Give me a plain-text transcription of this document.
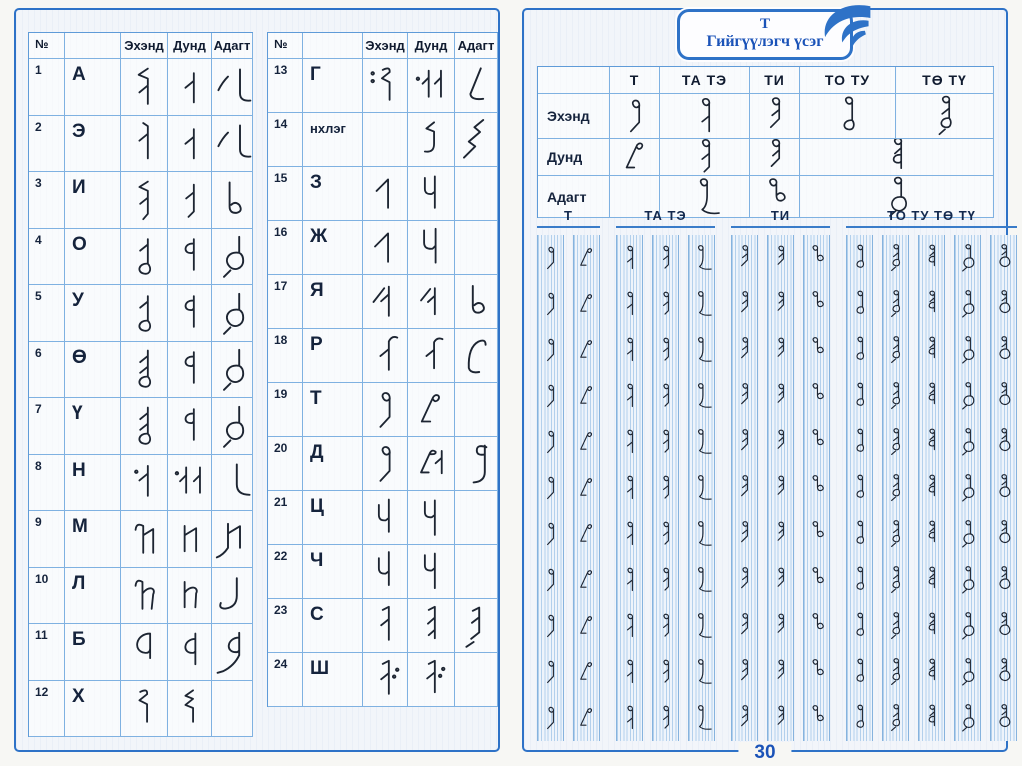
№	Эхэнд Дунд Адагт
1	А
2	Э
3	И
4	О
5	У
6	Ө
7	Ү
8	Н
9	М
10	Л
11	Б
12	Х
№	Эхэнд Дунд Адагт
13	Г
14	нхлэг
15	З
16	Ж
17	Я
18	Р
19	Т
20	Д
21	Ц
22	Ч
23	С
24	Ш
Т
Гийгүүлэгч үсэг
Т	ТА ТЭ	ТИ	ТО ТУ	ТӨ ТҮ
Эхэнд
Дунд
Адагт
Т	ТА ТЭ	ТИ	ТО ТУ ТӨ ТҮ
30
